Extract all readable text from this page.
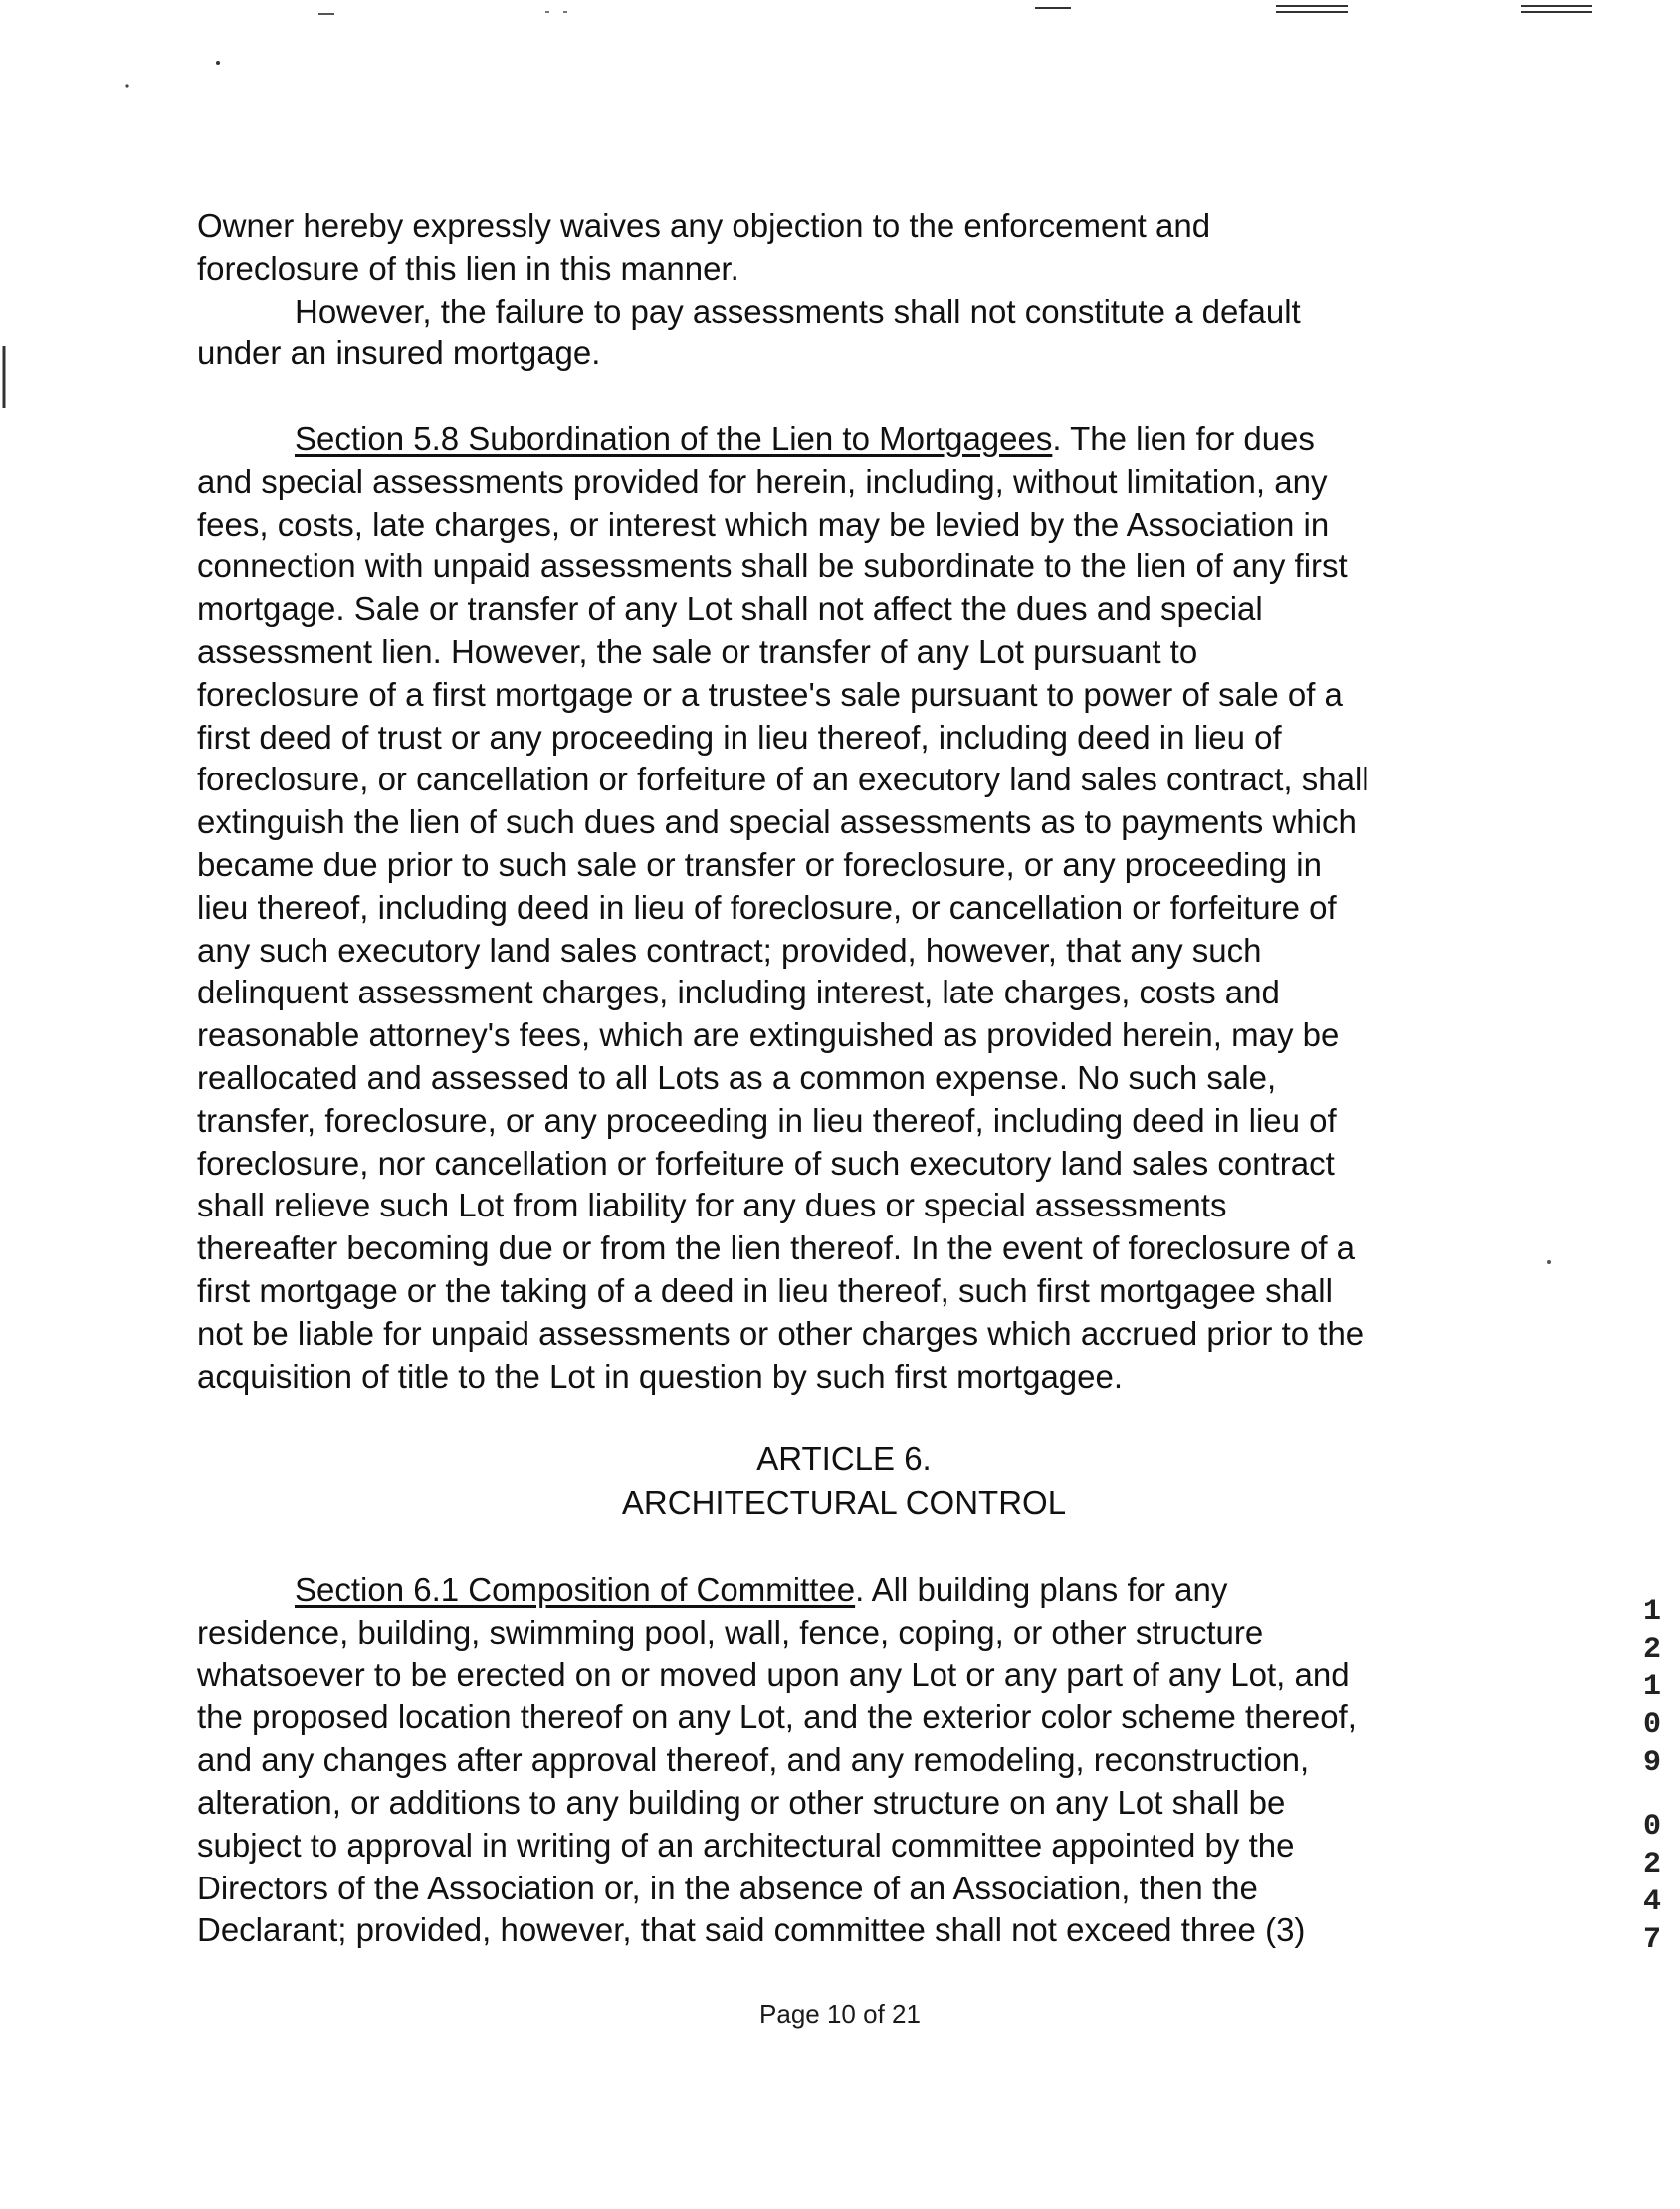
Owner hereby expressly waives any objection to the enforcement and
foreclosure of this lien in this manner.
However, the failure to pay assessments shall not constitute a default
under an insured mortgage.
Section 5.8 Subordination of the Lien to Mortgagees. The lien for dues
and special assessments provided for herein, including, without limitation, any
fees, costs, late charges, or interest which may be levied by the Association in
connection with unpaid assessments shall be subordinate to the lien of any first
mortgage. Sale or transfer of any Lot shall not affect the dues and special
assessment lien. However, the sale or transfer of any Lot pursuant to
foreclosure of a first mortgage or a trustee's sale pursuant to power of sale of a
first deed of trust or any proceeding in lieu thereof, including deed in lieu of
foreclosure, or cancellation or forfeiture of an executory land sales contract, shall
extinguish the lien of such dues and special assessments as to payments which
became due prior to such sale or transfer or foreclosure, or any proceeding in
lieu thereof, including deed in lieu of foreclosure, or cancellation or forfeiture of
any such executory land sales contract; provided, however, that any such
delinquent assessment charges, including interest, late charges, costs and
reasonable attorney's fees, which are extinguished as provided herein, may be
reallocated and assessed to all Lots as a common expense. No such sale,
transfer, foreclosure, or any proceeding in lieu thereof, including deed in lieu of
foreclosure, nor cancellation or forfeiture of such executory land sales contract
shall relieve such Lot from liability for any dues or special assessments
thereafter becoming due or from the lien thereof. In the event of foreclosure of a
first mortgage or the taking of a deed in lieu thereof, such first mortgagee shall
not be liable for unpaid assessments or other charges which accrued prior to the
acquisition of title to the Lot in question by such first mortgagee.
ARTICLE 6.
ARCHITECTURAL CONTROL
Section 6.1 Composition of Committee. All building plans for any
residence, building, swimming pool, wall, fence, coping, or other structure
whatsoever to be erected on or moved upon any Lot or any part of any Lot, and
the proposed location thereof on any Lot, and the exterior color scheme thereof,
and any changes after approval thereof, and any remodeling, reconstruction,
alteration, or additions to any building or other structure on any Lot shall be
subject to approval in writing of an architectural committee appointed by the
Directors of the Association or, in the absence of an Association, then the
Declarant; provided, however, that said committee shall not exceed three (3)
1
2
1
0
9
0
2
4
7
Page 10 of 21
